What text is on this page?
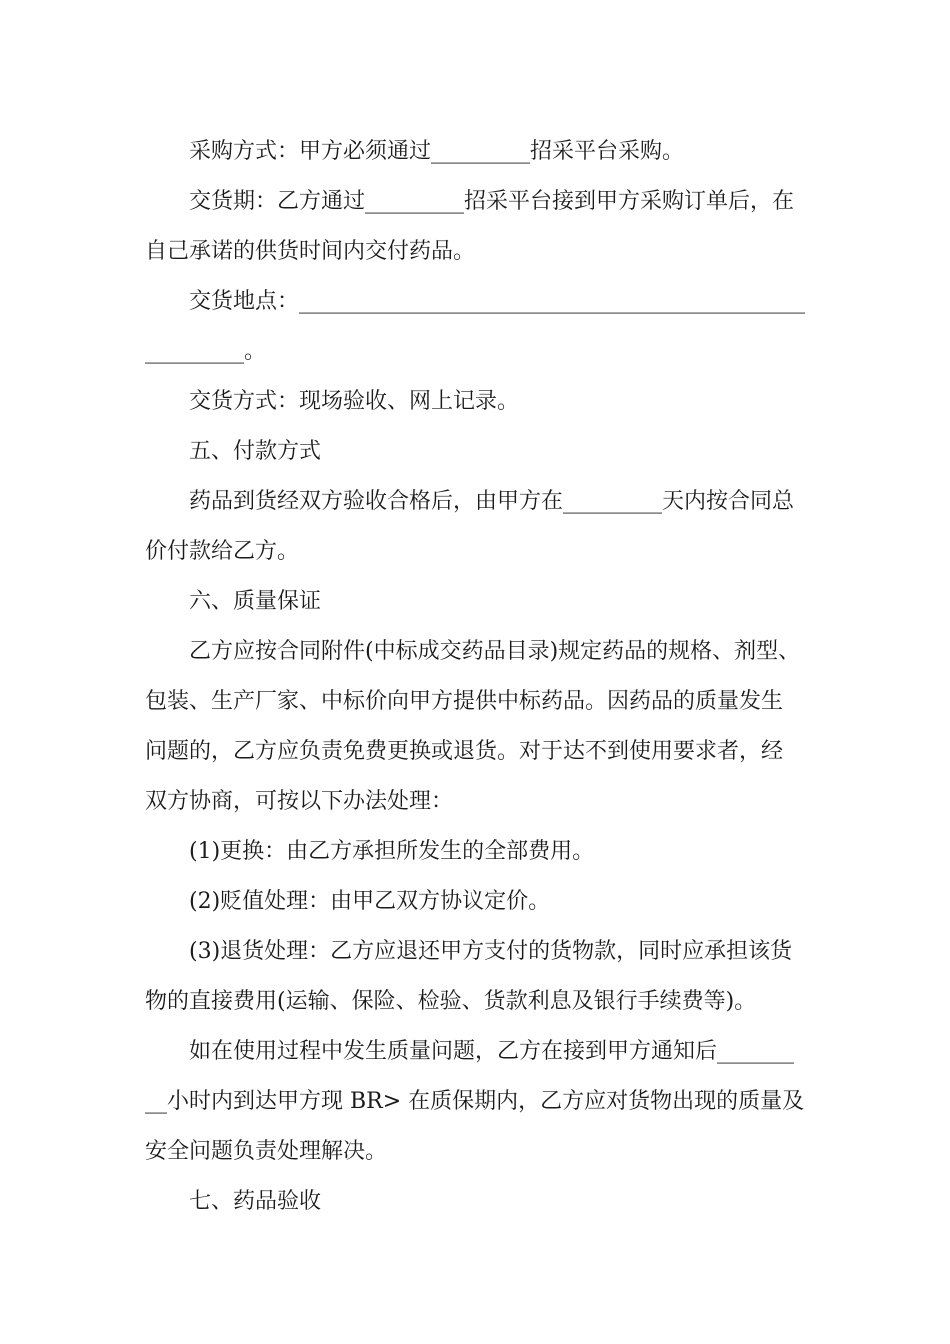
采购方式：甲方必须通过_________招采平台采购。
交货期：乙方通过_________招采平台接到甲方采购订单后，在
自己承诺的供货时间内交付药品。
交货地点：______________________________________________
_________。
交货方式：现场验收、网上记录。
五、付款方式
药品到货经双方验收合格后，由甲方在_________天内按合同总
价付款给乙方。
六、质量保证
乙方应按合同附件(中标成交药品目录)规定药品的规格、剂型、
包装、生产厂家、中标价向甲方提供中标药品。因药品的质量发生
问题的，乙方应负责免费更换或退货。对于达不到使用要求者，经
双方协商，可按以下办法处理：
(1)更换：由乙方承担所发生的全部费用。
(2)贬值处理：由甲乙双方协议定价。
(3)退货处理：乙方应退还甲方支付的货物款，同时应承担该货
物的直接费用(运输、保险、检验、货款利息及银行手续费等)。
如在使用过程中发生质量问题，乙方在接到甲方通知后_______
__小时内到达甲方现 BR> 在质保期内，乙方应对货物出现的质量及
安全问题负责处理解决。
七、药品验收
